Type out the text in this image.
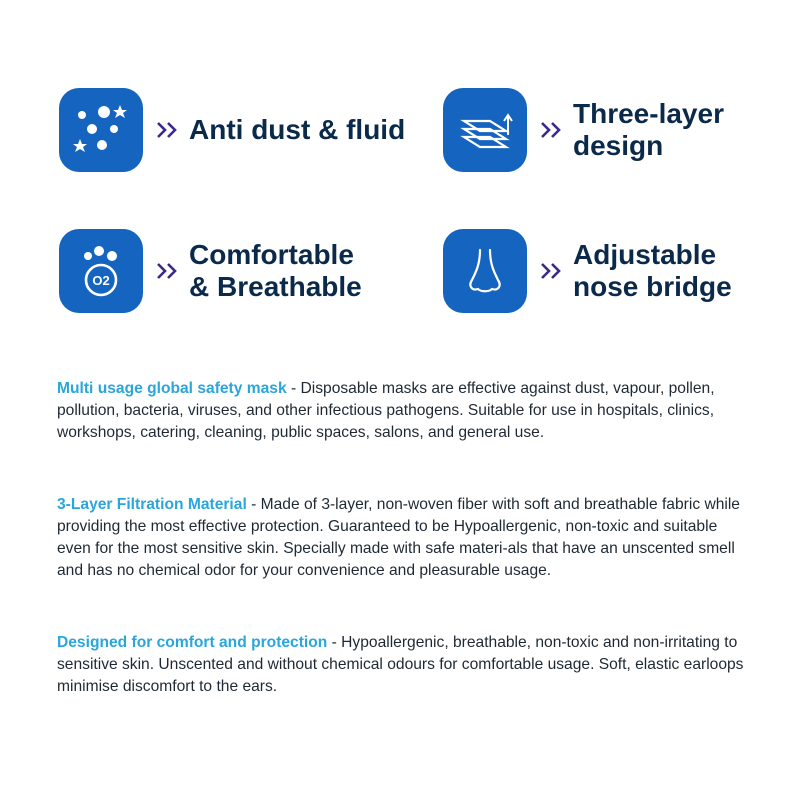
Anti dust & fluid
Three-layer
design
O2
Comfortable
& Breathable
Adjustable
nose bridge

Multi usage global safety mask - Disposable masks are effective against dust, vapour, pollen, pollution, bacteria, viruses, and other infectious pathogens. Suitable for use in hospitals, clinics, workshops, catering, cleaning, public spaces, salons, and general use.

3-Layer Filtration Material - Made of 3-layer, non-woven fiber with soft and breathable fabric while providing the most effective protection. Guaranteed to be Hypoallergenic, non-toxic and suitable even for the most sensitive skin. Specially made with safe materi-als that have an unscented smell and has no chemical odor for your convenience and pleasurable usage.

Designed for comfort and protection - Hypoallergenic, breathable, non-toxic and non-irritating to sensitive skin. Unscented and without chemical odours for comfortable usage. Soft, elastic earloops minimise discomfort to the ears.
